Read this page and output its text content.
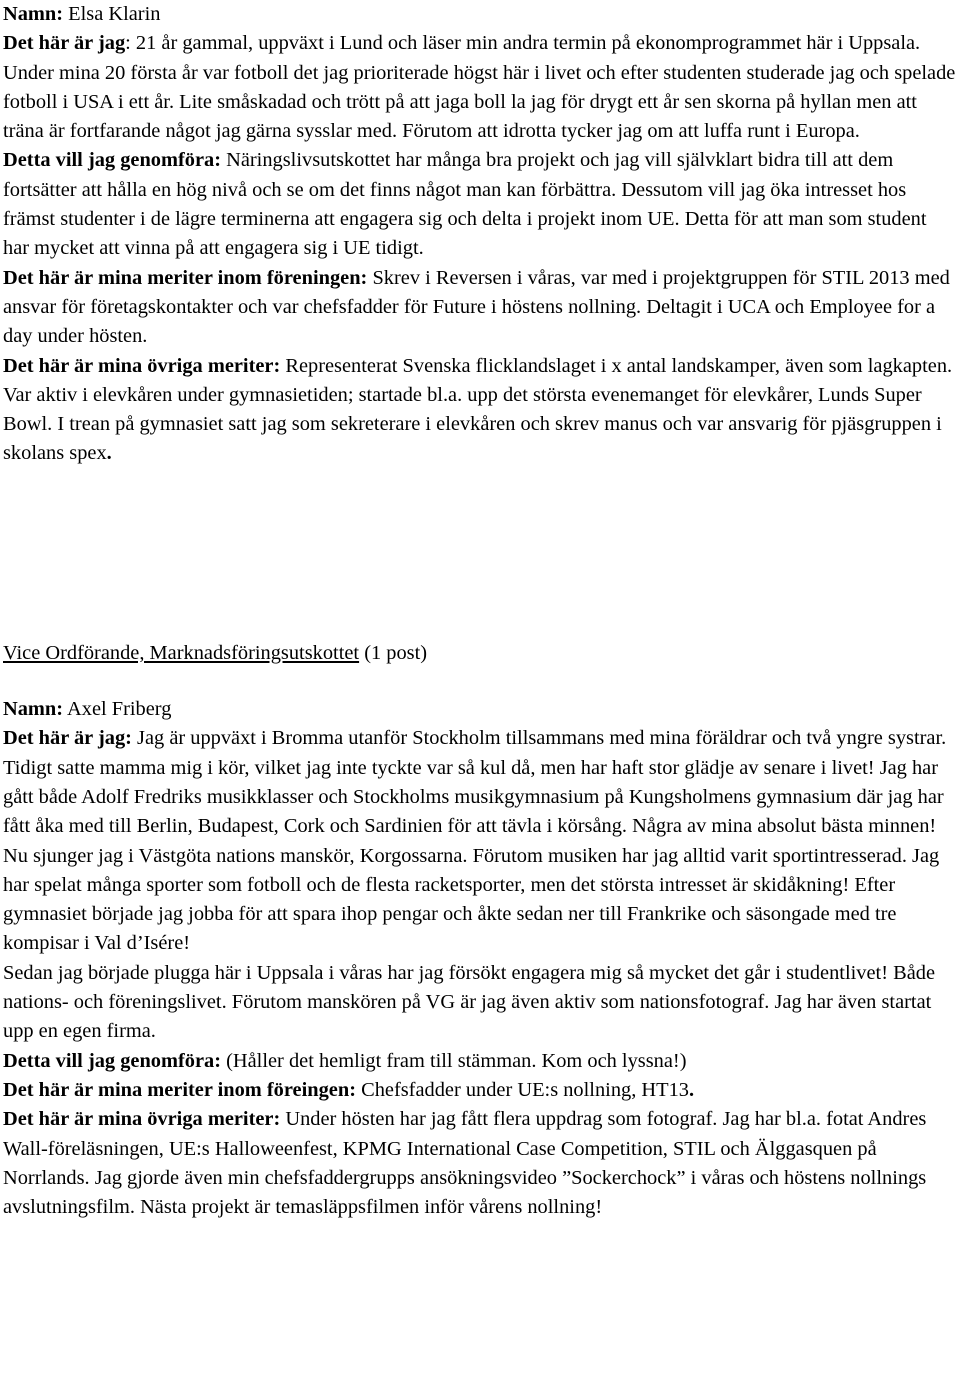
Namn: Elsa Klarin
Det här är jag: 21 år gammal, uppväxt i Lund och läser min andra termin på ekonomprogrammet här i Uppsala. Under mina 20 första år var fotboll det jag prioriterade högst här i livet och efter studenten studerade jag och spelade fotboll i USA i ett år. Lite småskadad och trött på att jaga boll la jag för drygt ett år sen skorna på hyllan men att träna är fortfarande något jag gärna sysslar med. Förutom att idrotta tycker jag om att luffa runt i Europa.
Detta vill jag genomföra: Näringslivsutskottet har många bra projekt och jag vill självklart bidra till att dem fortsätter att hålla en hög nivå och se om det finns något man kan förbättra. Dessutom vill jag öka intresset hos främst studenter i de lägre terminerna att engagera sig och delta i projekt inom UE. Detta för att man som student har mycket att vinna på att engagera sig i UE tidigt.
Det här är mina meriter inom föreningen: Skrev i Reversen i våras, var med i projektgruppen för STIL 2013 med ansvar för företagskontakter och var chefsfadder för Future i höstens nollning. Deltagit i UCA och Employee for a day under hösten.
Det här är mina övriga meriter: Representerat Svenska flicklandslaget i x antal landskamper, även som lagkapten. Var aktiv i elevkåren under gymnasietiden; startade bl.a. upp det största evenemanget för elevkårer, Lunds Super Bowl. I trean på gymnasiet satt jag som sekreterare i elevkåren och skrev manus och var ansvarig för pjäsgruppen i skolans spex.
Vice Ordförande, Marknadsföringsutskottet (1 post)
Namn: Axel Friberg
Det här är jag: Jag är uppväxt i Bromma utanför Stockholm tillsammans med mina föräldrar och två yngre systrar. Tidigt satte mamma mig i kör, vilket jag inte tyckte var så kul då, men har haft stor glädje av senare i livet! Jag har gått både Adolf Fredriks musikklasser och Stockholms musikgymnasium på Kungsholmens gymnasium där jag har fått åka med till Berlin, Budapest, Cork och Sardinien för att tävla i körsång. Några av mina absolut bästa minnen! Nu sjunger jag i Västgöta nations manskör, Korgossarna. Förutom musiken har jag alltid varit sportintresserad. Jag har spelat många sporter som fotboll och de flesta racketsporter, men det största intresset är skidåkning! Efter gymnasiet började jag jobba för att spara ihop pengar och åkte sedan ner till Frankrike och säsongade med tre kompisar i Val d’Isére!
Sedan jag började plugga här i Uppsala i våras har jag försökt engagera mig så mycket det går i studentlivet! Både nations- och föreningslivet. Förutom manskören på VG är jag även aktiv som nationsfotograf. Jag har även startat upp en egen firma.
Detta vill jag genomföra: (Håller det hemligt fram till stämman. Kom och lyssna!)
Det här är mina meriter inom föreingen: Chefsfadder under UE:s nollning, HT13.
Det här är mina övriga meriter: Under hösten har jag fått flera uppdrag som fotograf. Jag har bl.a. fotat Andres Wall-föreläsningen, UE:s Halloweenfest, KPMG International Case Competition, STIL och Älggasquen på Norrlands. Jag gjorde även min chefsfaddergrupps ansökningsvideo ”Sockerchock” i våras och höstens nollnings avslutningsfilm. Nästa projekt är temasläppsfilmen inför vårens nollning!
